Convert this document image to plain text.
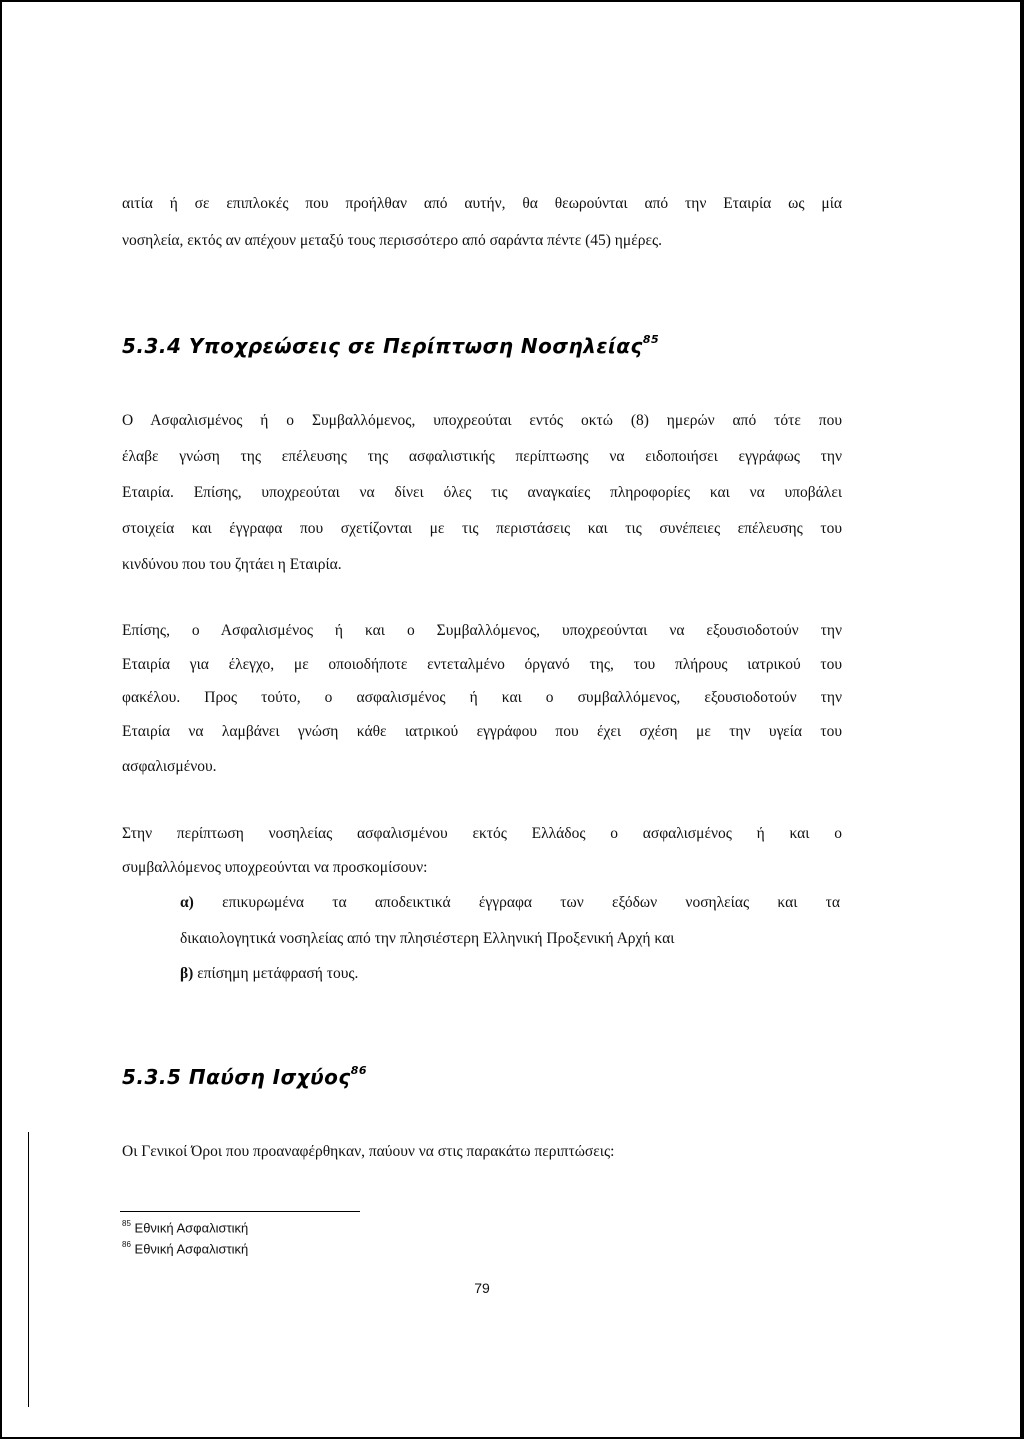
αιτία ή σε επιπλοκές που προήλθαν από αυτήν, θα θεωρούνται από την Εταιρία ως μία
νοσηλεία, εκτός αν απέχουν μεταξύ τους περισσότερο από σαράντα πέντε (45) ημέρες.
5.3.4 Υποχρεώσεις σε Περίπτωση Νοσηλείας$^{85}$
Ο Ασφαλισμένος ή ο Συμβαλλόμενος, υποχρεούται εντός οκτώ (8) ημερών από τότε που
έλαβε γνώση της επέλευσης της ασφαλιστικής περίπτωσης να ειδοποιήσει εγγράφως την
Εταιρία. Επίσης, υποχρεούται να δίνει όλες τις αναγκαίες πληροφορίες και να υποβάλει
στοιχεία και έγγραφα που σχετίζονται με τις περιστάσεις και τις συνέπειες επέλευσης του
κινδύνου που του ζητάει η Εταιρία.
Επίσης, ο Ασφαλισμένος ή και ο Συμβαλλόμενος, υποχρεούνται να εξουσιοδοτούν την
Εταιρία για έλεγχο, με οποιοδήποτε εντεταλμένο όργανό της, του πλήρους ιατρικού του
φακέλου. Προς τούτο, ο ασφαλισμένος ή και ο συμβαλλόμενος, εξουσιοδοτούν την
Εταιρία να λαμβάνει γνώση κάθε ιατρικού εγγράφου που έχει σχέση με την υγεία του
ασφαλισμένου.
Στην περίπτωση νοσηλείας ασφαλισμένου εκτός Ελλάδος ο ασφαλισμένος ή και ο
συμβαλλόμενος υποχρεούνται να προσκομίσουν:
α) επικυρωμένα τα αποδεικτικά έγγραφα των εξόδων νοσηλείας και τα
δικαιολογητικά νοσηλείας από την πλησιέστερη Ελληνική Προξενική Αρχή και
β) επίσημη μετάφρασή τους.
5.3.5 Παύση Ισχύος$^{86}$
Οι Γενικοί Όροι που προαναφέρθηκαν, παύουν να στις παρακάτω περιπτώσεις:
$^{85}$ Εθνική Ασφαλιστική
$^{86}$ Εθνική Ασφαλιστική
79
